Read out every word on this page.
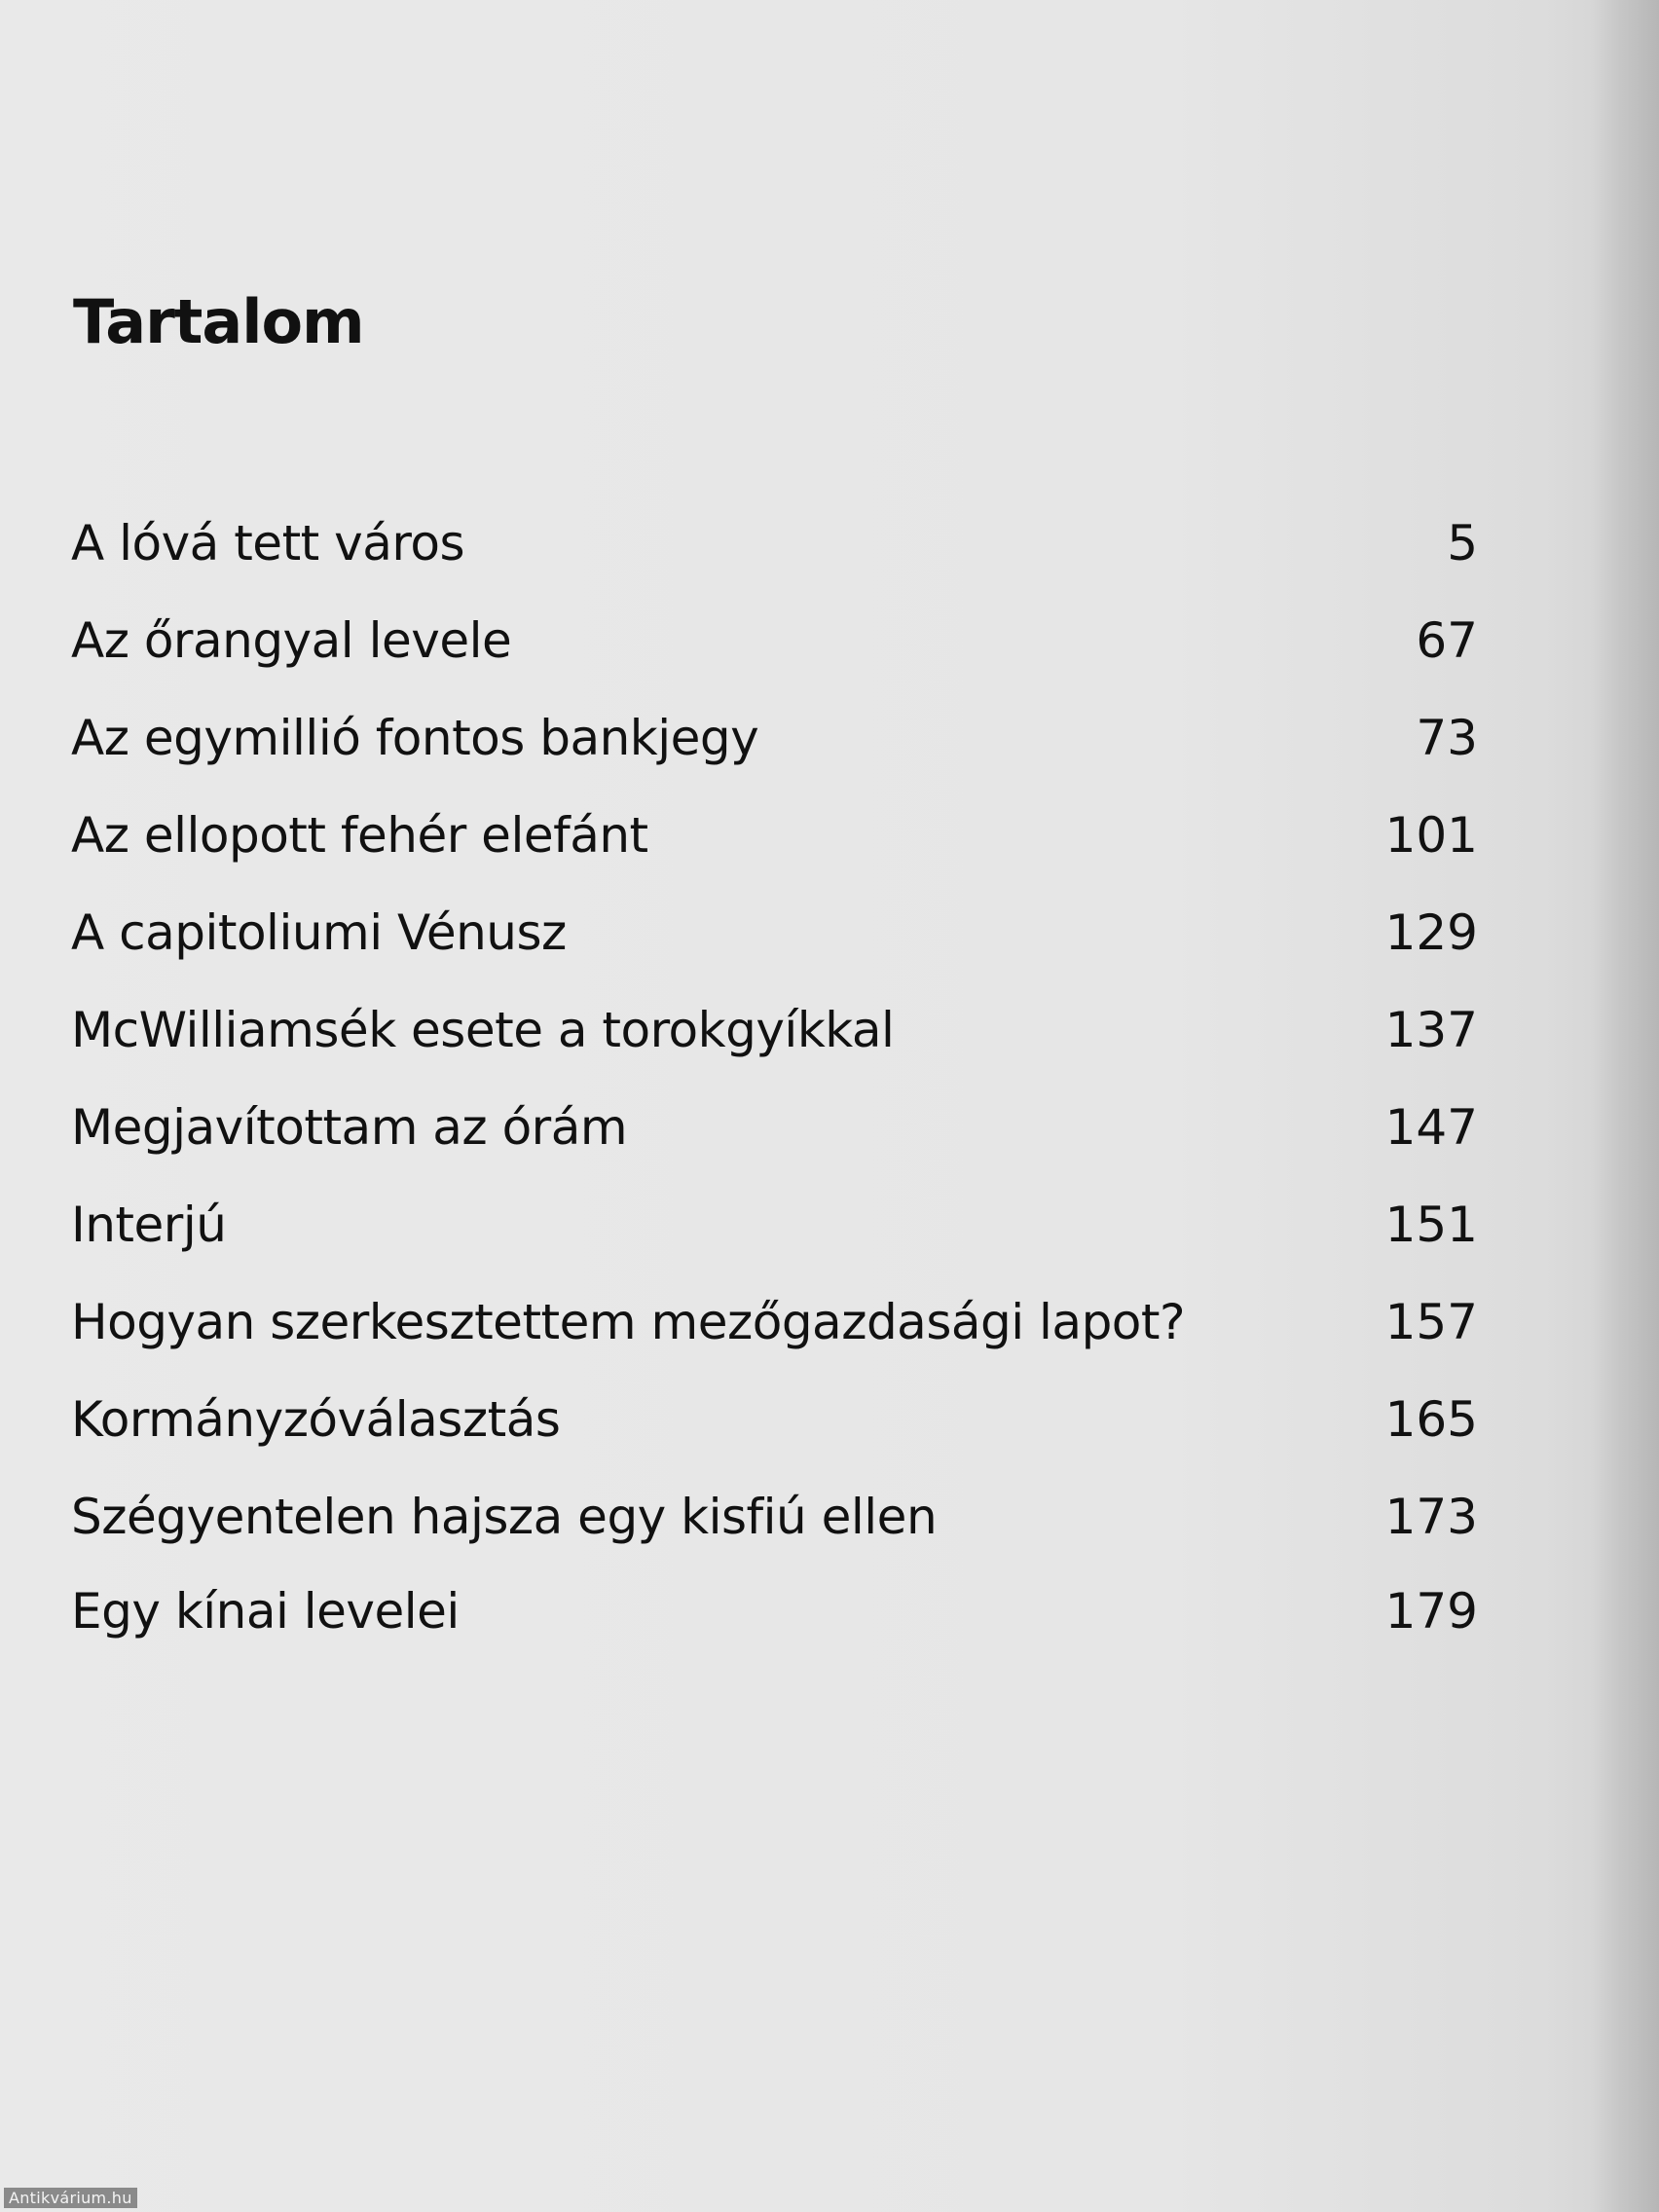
Tartalom
A lóvá tett város	5
Az őrangyal levele	67
Az egymillió fontos bankjegy	73
Az ellopott fehér elefánt	101
A capitoliumi Vénusz	129
McWilliamsék esete a torokgyíkkal	137
Megjavítottam az órám	147
Interjú	151
Hogyan szerkesztettem mezőgazdasági lapot?	157
Kormányzóválasztás	165
Szégyentelen hajsza egy kisfiú ellen	173
Egy kínai levelei	179
Antikvárium.hu
